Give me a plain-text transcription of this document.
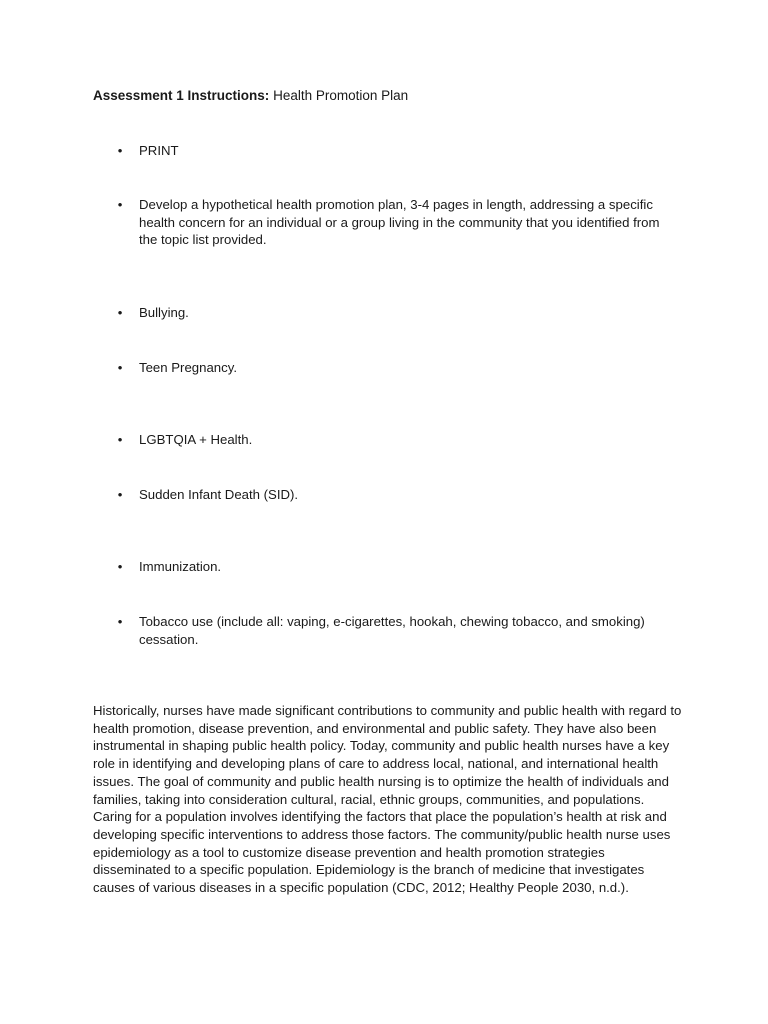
Assessment 1 Instructions: Health Promotion Plan
• PRINT
• Develop a hypothetical health promotion plan, 3-4 pages in length, addressing a specific health concern for an individual or a group living in the community that you identified from the topic list provided.
• Bullying.
• Teen Pregnancy.
• LGBTQIA + Health.
• Sudden Infant Death (SID).
• Immunization.
• Tobacco use (include all: vaping, e-cigarettes, hookah, chewing tobacco, and smoking) cessation.

Historically, nurses have made significant contributions to community and public health with regard to health promotion, disease prevention, and environmental and public safety. They have also been instrumental in shaping public health policy. Today, community and public health nurses have a key role in identifying and developing plans of care to address local, national, and international health issues. The goal of community and public health nursing is to optimize the health of individuals and families, taking into consideration cultural, racial, ethnic groups, communities, and populations. Caring for a population involves identifying the factors that place the population’s health at risk and developing specific interventions to address those factors. The community/public health nurse uses epidemiology as a tool to customize disease prevention and health promotion strategies disseminated to a specific population. Epidemiology is the branch of medicine that investigates causes of various diseases in a specific population (CDC, 2012; Healthy People 2030, n.d.).
